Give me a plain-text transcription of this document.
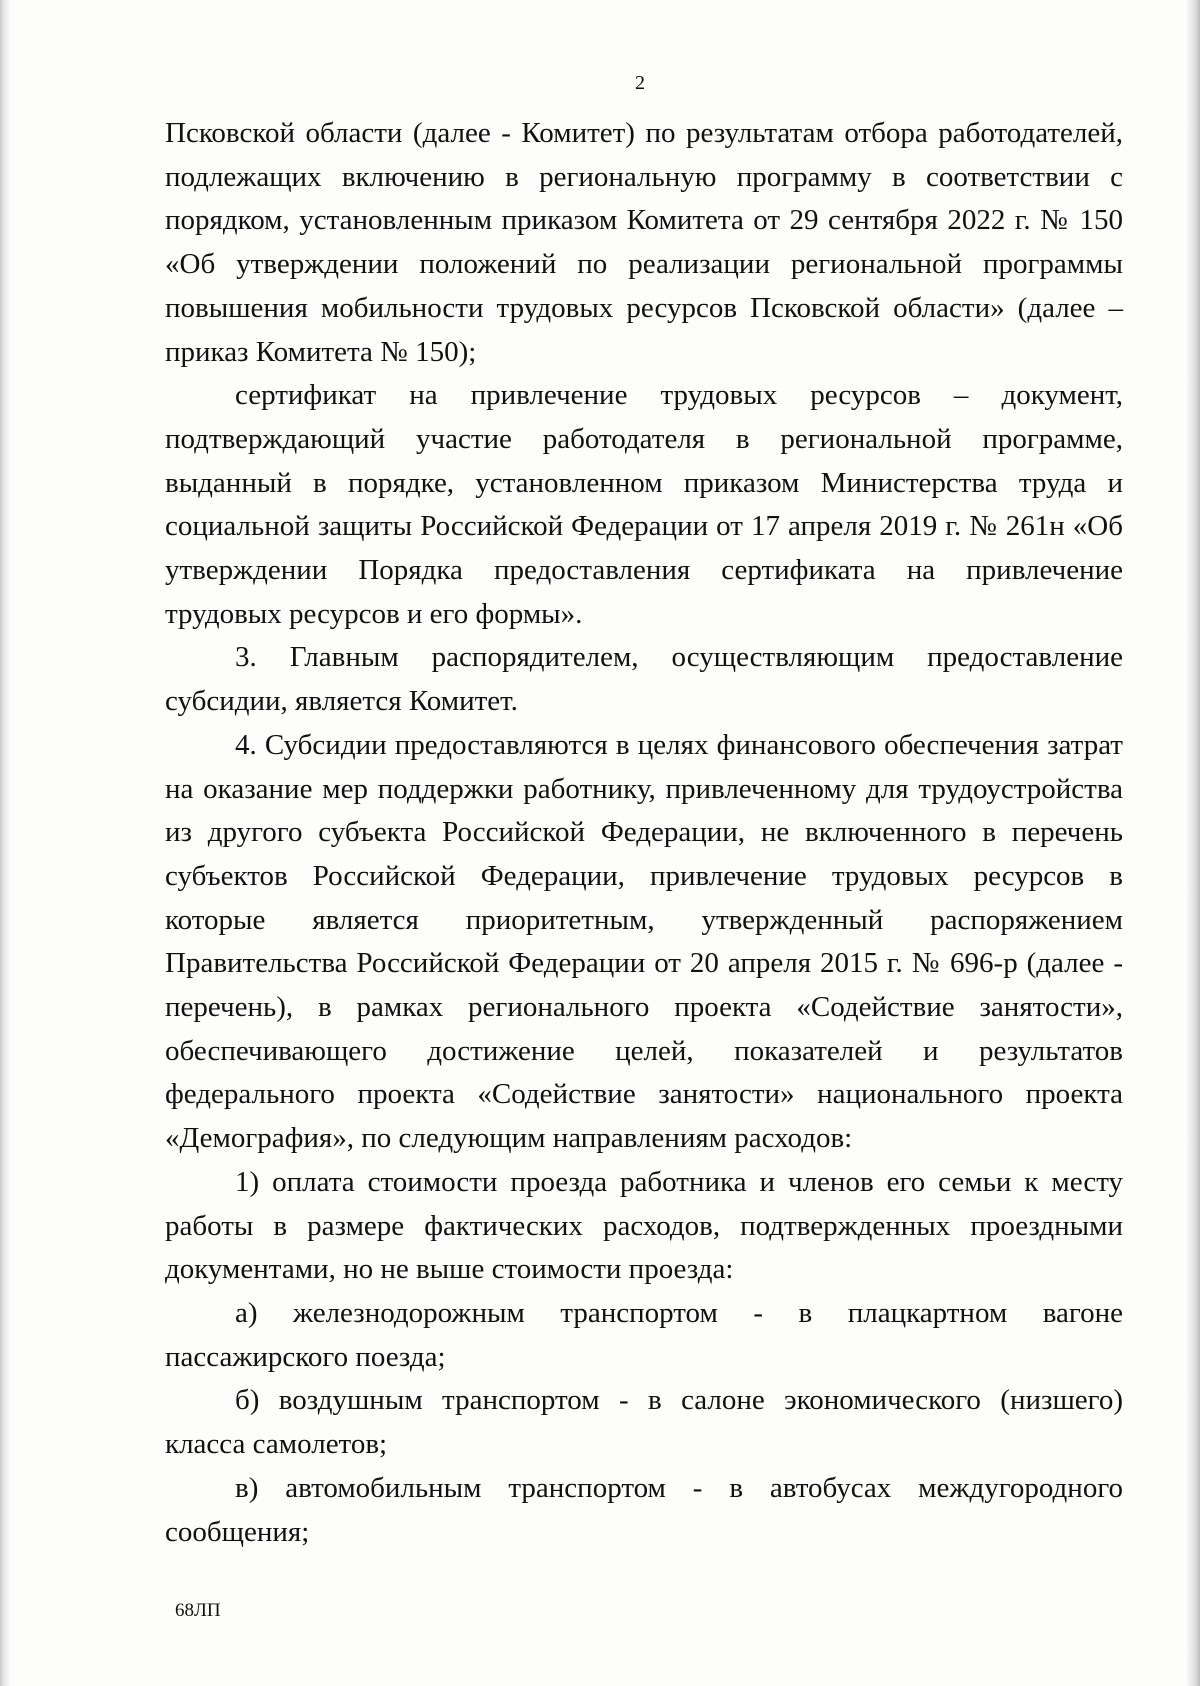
2

Псковской области (далее - Комитет) по результатам отбора работодателей, подлежащих включению в региональную программу в соответствии с порядком, установленным приказом Комитета от 29 сентября 2022 г. № 150 «Об утверждении положений по реализации региональной программы повышения мобильности трудовых ресурсов Псковской области» (далее – приказ Комитета № 150);

сертификат на привлечение трудовых ресурсов – документ, подтверждающий участие работодателя в региональной программе, выданный в порядке, установленном приказом Министерства труда и социальной защиты Российской Федерации от 17 апреля 2019 г. № 261н «Об утверждении Порядка предоставления сертификата на привлечение трудовых ресурсов и его формы».

3. Главным распорядителем, осуществляющим предоставление субсидии, является Комитет.

4. Субсидии предоставляются в целях финансового обеспечения затрат на оказание мер поддержки работнику, привлеченному для трудоустройства из другого субъекта Российской Федерации, не включенного в перечень субъектов Российской Федерации, привлечение трудовых ресурсов в которые является приоритетным, утвержденный распоряжением Правительства Российской Федерации от 20 апреля 2015 г. № 696-р (далее - перечень), в рамках регионального проекта «Содействие занятости», обеспечивающего достижение целей, показателей и результатов федерального проекта «Содействие занятости» национального проекта «Демография», по следующим направлениям расходов:

1) оплата стоимости проезда работника и членов его семьи к месту работы в размере фактических расходов, подтвержденных проездными документами, но не выше стоимости проезда:

а) железнодорожным транспортом - в плацкартном вагоне пассажирского поезда;

б) воздушным транспортом - в салоне экономического (низшего) класса самолетов;

в) автомобильным транспортом - в автобусах междугородного сообщения;

68ЛП
